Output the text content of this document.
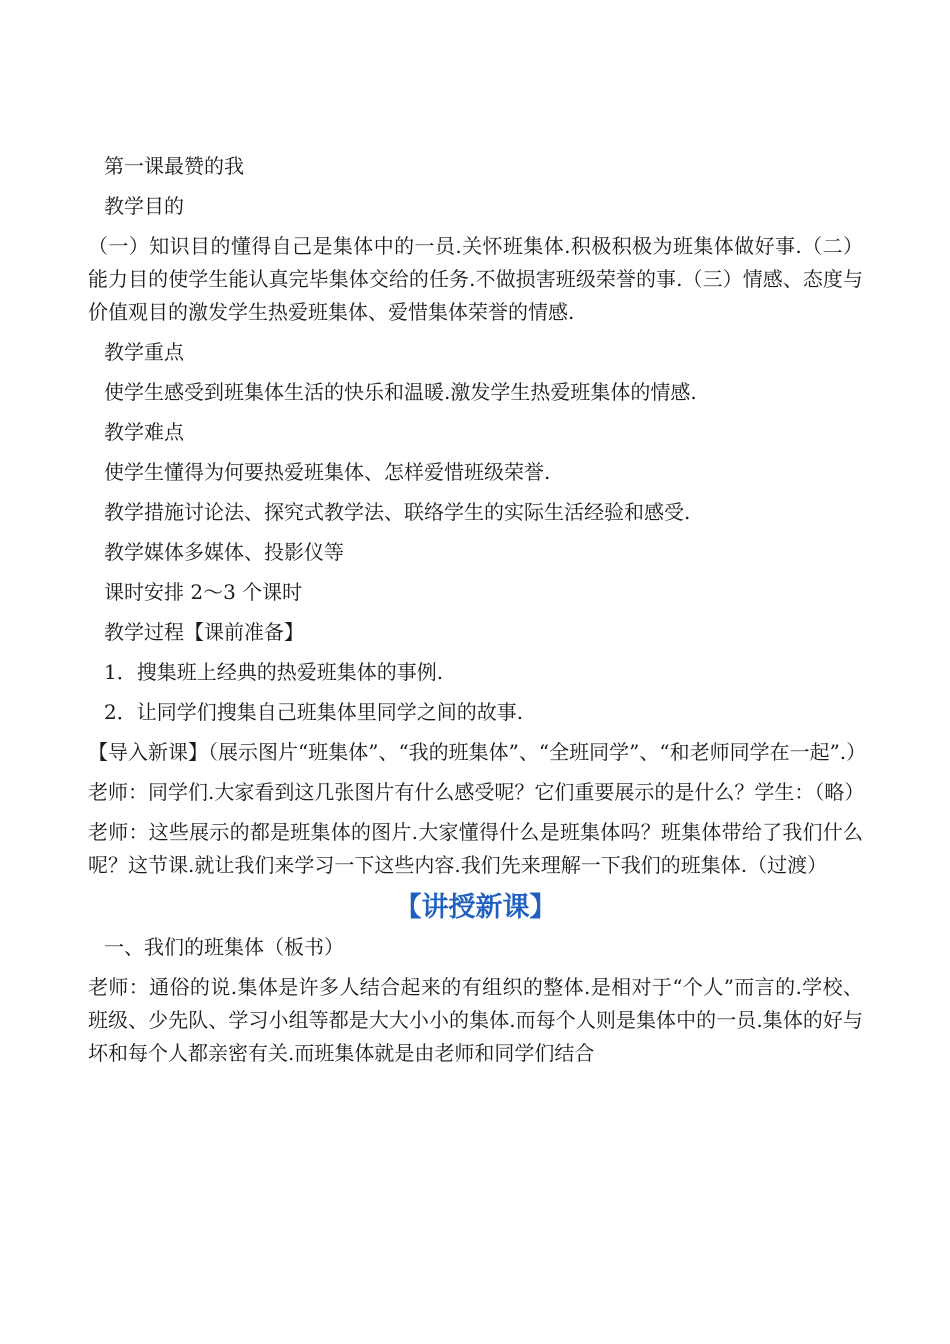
第一课最赞的我
教学目的
（一）知识目的懂得自己是集体中的一员.关怀班集体.积极积极为班集体做好事.（二）能力目的使学生能认真完毕集体交给的任务.不做损害班级荣誉的事.（三）情感、态度与价值观目的激发学生热爱班集体、爱惜集体荣誉的情感.
教学重点
使学生感受到班集体生活的快乐和温暖.激发学生热爱班集体的情感.
教学难点
使学生懂得为何要热爱班集体、怎样爱惜班级荣誉.
教学措施讨论法、探究式教学法、联络学生的实际生活经验和感受.
教学媒体多媒体、投影仪等
课时安排 2～3 个课时
教学过程【课前准备】
1．搜集班上经典的热爱班集体的事例.
2．让同学们搜集自己班集体里同学之间的故事.
【导入新课】（展示图片“班集体”、“我的班集体”、“全班同学”、“和老师同学在一起”.）
老师：同学们.大家看到这几张图片有什么感受呢？它们重要展示的是什么？学生：（略）
老师：这些展示的都是班集体的图片.大家懂得什么是班集体吗？班集体带给了我们什么呢？这节课.就让我们来学习一下这些内容.我们先来理解一下我们的班集体.（过渡）
【讲授新课】
一、我们的班集体（板书）
老师：通俗的说.集体是许多人结合起来的有组织的整体.是相对于“个人”而言的.学校、班级、少先队、学习小组等都是大大小小的集体.而每个人则是集体中的一员.集体的好与坏和每个人都亲密有关.而班集体就是由老师和同学们结合
